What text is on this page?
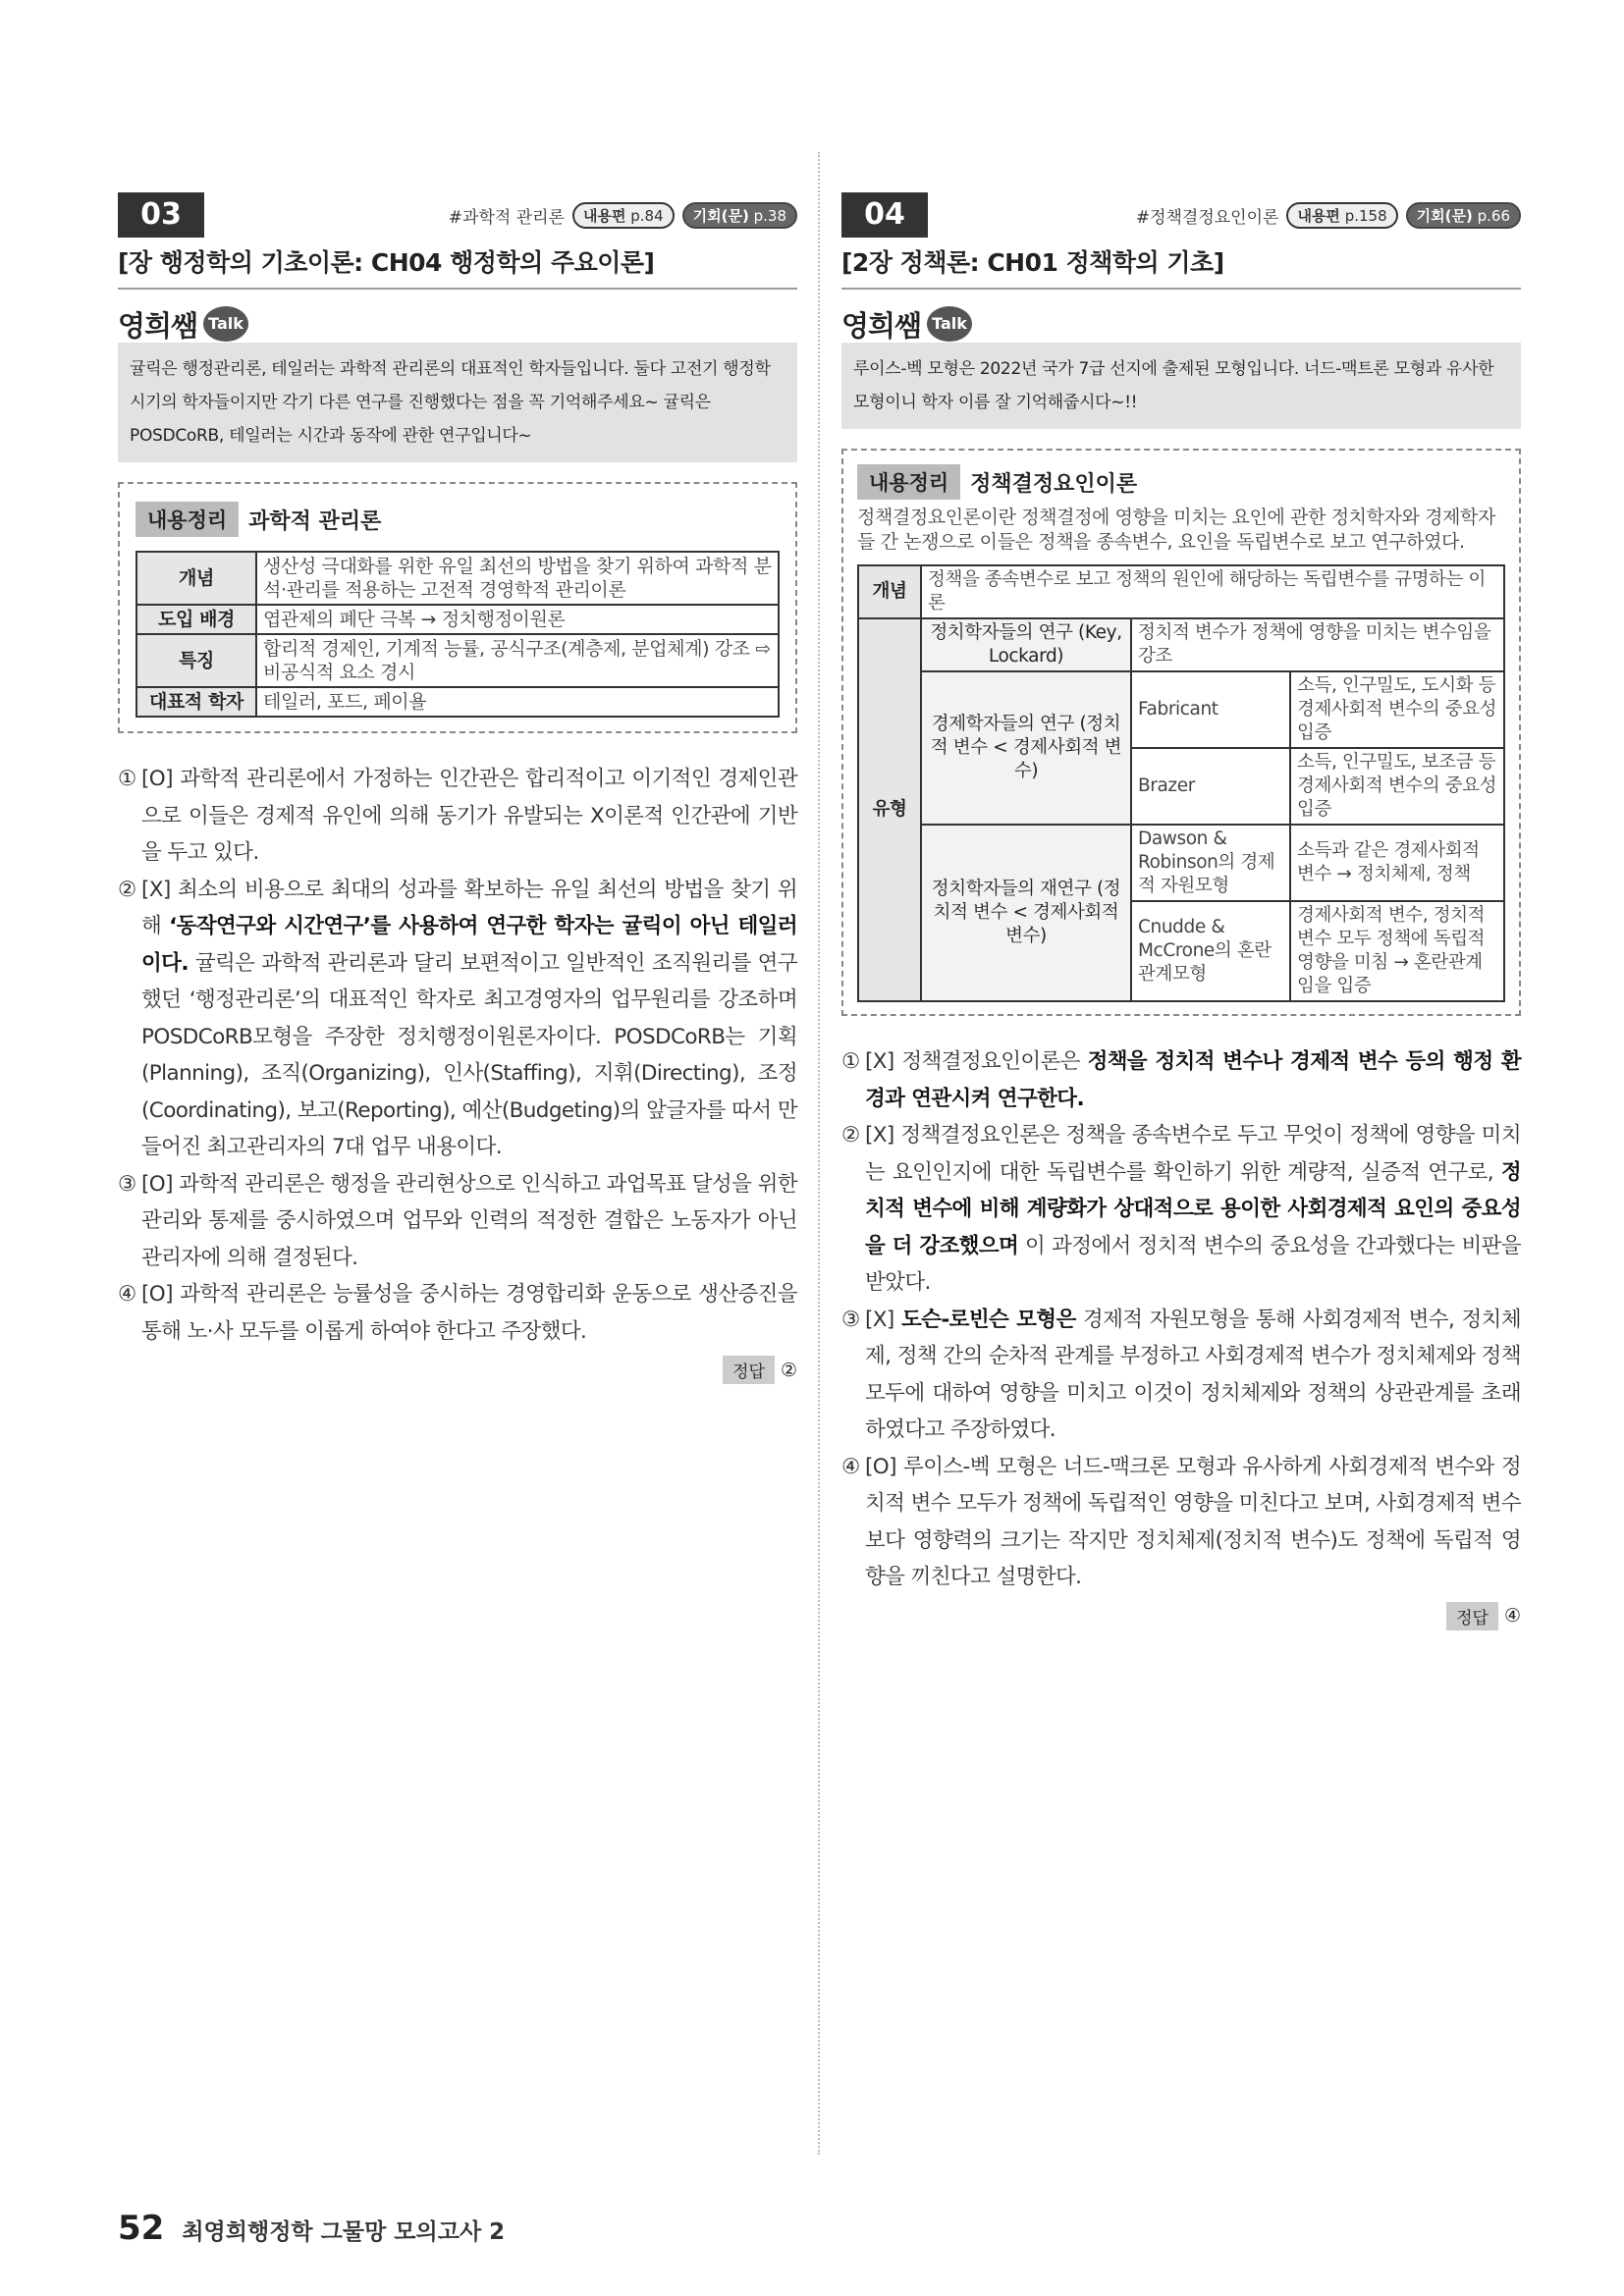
03	#과학적 관리론	내용편 p.84	기회(문) p.38
[장 행정학의 기초이론: CH04 행정학의 주요이론]
영희쌤 Talk
귤릭은 행정관리론, 테일러는 과학적 관리론의 대표적인 학자들입니다. 둘다 고전기 행정학 시기의 학자들이지만 각기 다른 연구를 진행했다는 점을 꼭 기억해주세요~ 귤릭은 POSDCoRB, 테일러는 시간과 동작에 관한 연구입니다~
내용정리	과학적 관리론
개념	생산성 극대화를 위한 유일 최선의 방법을 찾기 위하여 과학적 분석·관리를 적용하는 고전적 경영학적 관리이론
도입 배경	엽관제의 폐단 극복 → 정치행정이원론
특징	합리적 경제인, 기계적 능률, 공식구조(계층제, 분업체계) 강조 ⇨ 비공식적 요소 경시
대표적 학자	테일러, 포드, 페이욜
① [O] 과학적 관리론에서 가정하는 인간관은 합리적이고 이기적인 경제인관으로 이들은 경제적 유인에 의해 동기가 유발되는 X이론적 인간관에 기반을 두고 있다.
② [X] 최소의 비용으로 최대의 성과를 확보하는 유일 최선의 방법을 찾기 위해 ‘동작연구와 시간연구’를 사용하여 연구한 학자는 귤릭이 아닌 테일러이다. 귤릭은 과학적 관리론과 달리 보편적이고 일반적인 조직원리를 연구했던 ‘행정관리론’의 대표적인 학자로 최고경영자의 업무원리를 강조하며 POSDCoRB모형을 주장한 정치행정이원론자이다. POSDCoRB는 기획(Planning), 조직(Organizing), 인사(Staffing), 지휘(Directing), 조정(Coordinating), 보고(Reporting), 예산(Budgeting)의 앞글자를 따서 만들어진 최고관리자의 7대 업무 내용이다.
③ [O] 과학적 관리론은 행정을 관리현상으로 인식하고 과업목표 달성을 위한 관리와 통제를 중시하였으며 업무와 인력의 적정한 결합은 노동자가 아닌 관리자에 의해 결정된다.
④ [O] 과학적 관리론은 능률성을 중시하는 경영합리화 운동으로 생산증진을 통해 노·사 모두를 이롭게 하여야 한다고 주장했다.
정답 ②
04	#정책결정요인이론	내용편 p.158	기회(문) p.66
[2장 정책론: CH01 정책학의 기초]
영희쌤 Talk
루이스-벡 모형은 2022년 국가 7급 선지에 출제된 모형입니다. 너드-맥트론 모형과 유사한 모형이니 학자 이름 잘 기억해줍시다~!!
내용정리	정책결정요인이론
정책결정요인론이란 정책결정에 영향을 미치는 요인에 관한 정치학자와 경제학자들 간 논쟁으로 이들은 정책을 종속변수, 요인을 독립변수로 보고 연구하였다.
개념	정책을 종속변수로 보고 정책의 원인에 해당하는 독립변수를 규명하는 이론		
유형	정치학자들의 연구 (Key, Lockard)	정치적 변수가 정책에 영향을 미치는 변수임을 강조	
	경제학자들의 연구 (정치적 변수 < 경제사회적 변수)	Fabricant	소득, 인구밀도, 도시화 등 경제사회적 변수의 중요성 입증
		Brazer	소득, 인구밀도, 보조금 등 경제사회적 변수의 중요성 입증
	정치학자들의 재연구 (정치적 변수 < 경제사회적 변수)	Dawson & Robinson의 경제적 자원모형	소득과 같은 경제사회적 변수 → 정치체제, 정책
		Cnudde & McCrone의 혼란관계모형	경제사회적 변수, 정치적 변수 모두 정책에 독립적 영향을 미침 → 혼란관계임을 입증
① [X] 정책결정요인이론은 정책을 정치적 변수나 경제적 변수 등의 행정 환경과 연관시켜 연구한다.
② [X] 정책결정요인론은 정책을 종속변수로 두고 무엇이 정책에 영향을 미치는 요인인지에 대한 독립변수를 확인하기 위한 계량적, 실증적 연구로, 정치적 변수에 비해 계량화가 상대적으로 용이한 사회경제적 요인의 중요성을 더 강조했으며 이 과정에서 정치적 변수의 중요성을 간과했다는 비판을 받았다.
③ [X] 도슨-로빈슨 모형은 경제적 자원모형을 통해 사회경제적 변수, 정치체제, 정책 간의 순차적 관계를 부정하고 사회경제적 변수가 정치체제와 정책 모두에 대하여 영향을 미치고 이것이 정치체제와 정책의 상관관계를 초래하였다고 주장하였다.
④ [O] 루이스-벡 모형은 너드-맥크론 모형과 유사하게 사회경제적 변수와 정치적 변수 모두가 정책에 독립적인 영향을 미친다고 보며, 사회경제적 변수보다 영향력의 크기는 작지만 정치체제(정치적 변수)도 정책에 독립적 영향을 끼친다고 설명한다.
정답 ④
52 최영희행정학 그물망 모의고사 2
